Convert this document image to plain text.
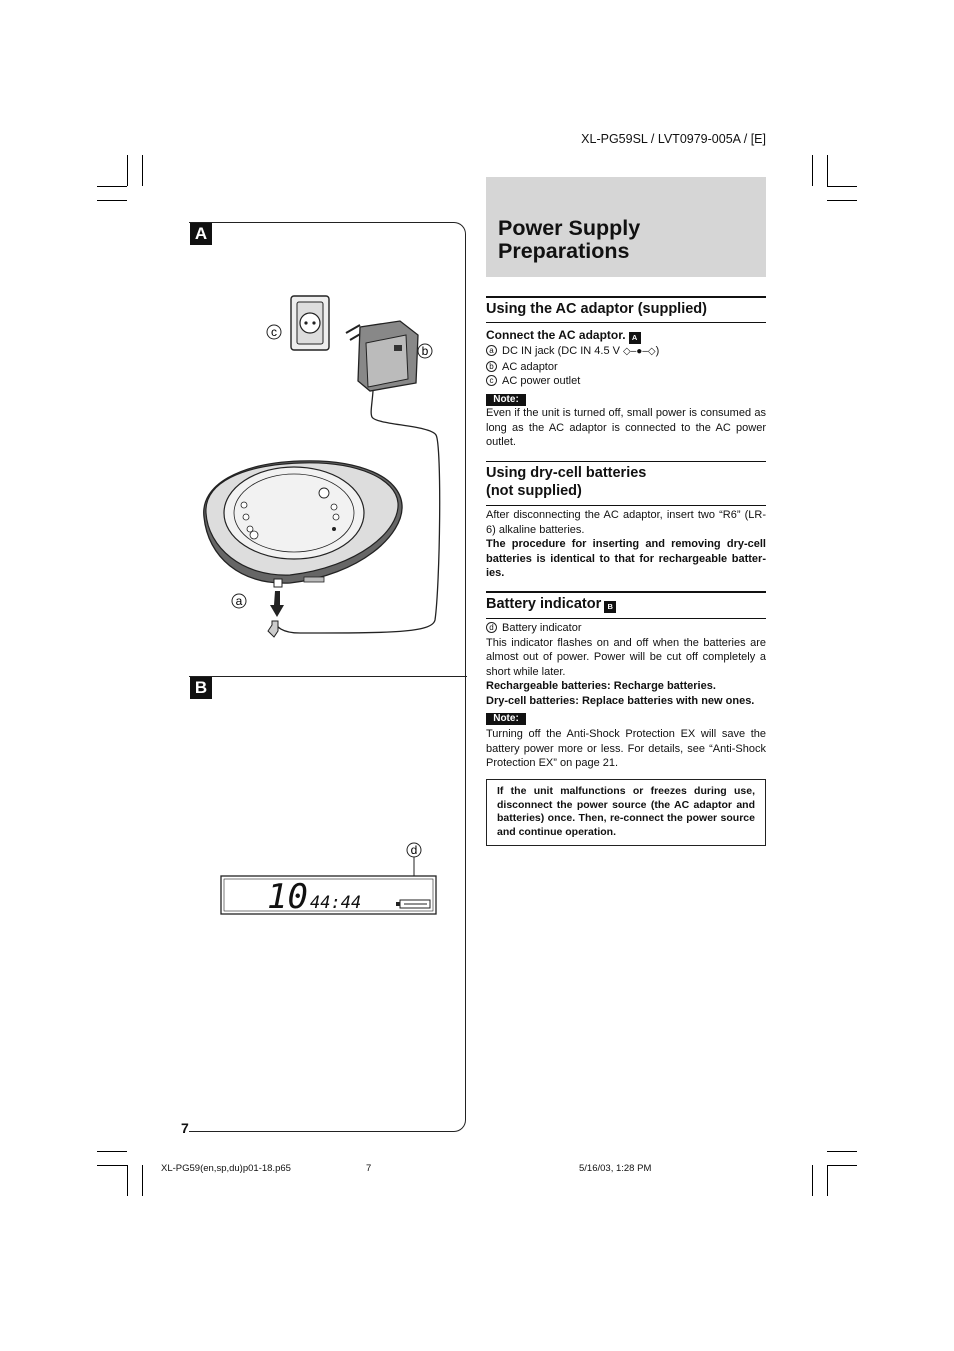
XL-PG59SL / LVT0979-005A / [E]
A
B
c
b
a
d
10 44:44
7
Power Supply
Preparations
Using the AC adaptor (supplied)
Connect the AC adaptor. A
a DC IN jack (DC IN 4.5 V ◇–●–◇)
b AC adaptor
c AC power outlet
Note:
Even if the unit is turned off, small power is consumed as long as the AC adaptor is connected to the AC power outlet.
Using dry-cell batteries
(not supplied)
After disconnecting the AC adaptor, insert two “R6” (LR-6) alkaline batteries.
The procedure for inserting and removing dry-cell batteries is identical to that for rechargeable batter-ies.
Battery indicator B
d Battery indicator
This indicator flashes on and off when the batteries are almost out of power. Power will be cut off completely a short while later.
Rechargeable batteries: Recharge batteries.
Dry-cell batteries: Replace batteries with new ones.
Note:
Turning off the Anti-Shock Protection EX will save the battery power more or less. For details, see “Anti-Shock Protection EX” on page 21.
If the unit malfunctions or freezes during use, disconnect the power source (the AC adaptor and batteries) once. Then, re-connect the power source and continue operation.
XL-PG59(en,sp,du)p01-18.p65	7	5/16/03, 1:28 PM
